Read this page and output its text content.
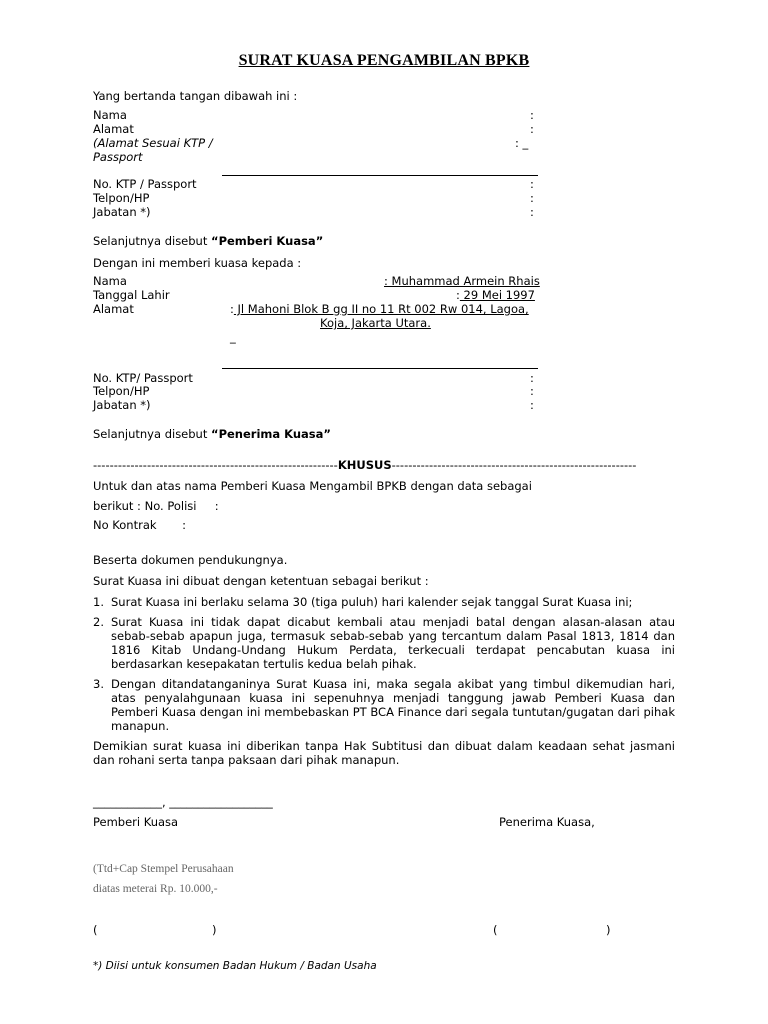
SURAT KUASA PENGAMBILAN BPKB
Yang bertanda tangan dibawah ini :
Nama	:
Alamat	:
(Alamat Sesuai KTP /	: _
Passport
No. KTP / Passport	:
Telpon/HP	:
Jabatan *)	:
Selanjutnya disebut “Pemberi Kuasa”
Dengan ini memberi kuasa kepada :
Nama	: Muhammad Armein Rhais
Tanggal Lahir	: 29 Mei 1997
Alamat	: Jl Mahoni Blok B gg II no 11 Rt 002 Rw 014, Lagoa,
Koja, Jakarta Utara.
_
No. KTP/ Passport	:
Telpon/HP	:
Jabatan *)	:
Selanjutnya disebut “Penerima Kuasa”
-----------------------------------------------------------KHUSUS-----------------------------------------------------------
Untuk dan atas nama Pemberi Kuasa Mengambil BPKB dengan data sebagai
berikut : No. Polisi     :
No Kontrak       :
Beserta dokumen pendukungnya.
Surat Kuasa ini dibuat dengan ketentuan sebagai berikut :
1. Surat Kuasa ini berlaku selama 30 (tiga puluh) hari kalender sejak tanggal Surat Kuasa ini;
2. Surat Kuasa ini tidak dapat dicabut kembali atau menjadi batal dengan alasan-alasan atau sebab-sebab apapun juga, termasuk sebab-sebab yang tercantum dalam Pasal 1813, 1814 dan 1816 Kitab Undang-Undang Hukum Perdata, terkecuali terdapat pencabutan kuasa ini berdasarkan kesepakatan tertulis kedua belah pihak.
3. Dengan ditandatanganinya Surat Kuasa ini, maka segala akibat yang timbul dikemudian hari, atas penyalahgunaan kuasa ini sepenuhnya menjadi tanggung jawab Pemberi Kuasa dan Pemberi Kuasa dengan ini membebaskan PT BCA Finance dari segala tuntutan/gugatan dari pihak manapun.
Demikian surat kuasa ini diberikan tanpa Hak Subtitusi dan dibuat dalam keadaan sehat jasmani dan rohani serta tanpa paksaan dari pihak manapun.
____________, __________________
Pemberi Kuasa	Penerima Kuasa,
(Ttd+Cap Stempel Perusahaan
diatas meterai Rp. 10.000,-
(	)	(	)
*) Diisi untuk konsumen Badan Hukum / Badan Usaha
